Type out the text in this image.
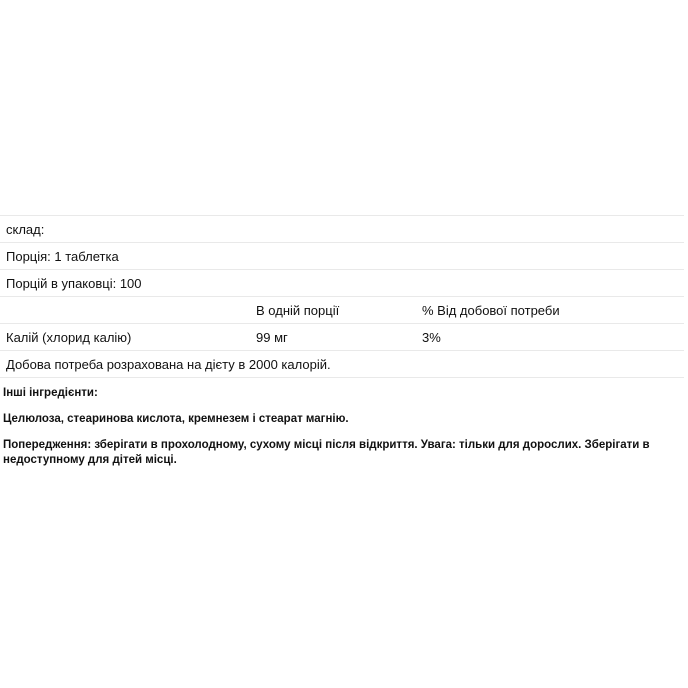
склад:		
Порція: 1 таблетка		
Порцій в упаковці: 100		
	В одній порції	% Від добової потреби
Калій (хлорид калію)	99 мг	3%
Добова потреба розрахована на дієту в 2000 калорій.		

Інші інгредієнти:

Целюлоза, стеаринова кислота, кремнезем і стеарат магнію.

Попередження: зберігати в прохолодному, сухому місці після відкриття. Увага: тільки для дорослих. Зберігати в недоступному для дітей місці.
